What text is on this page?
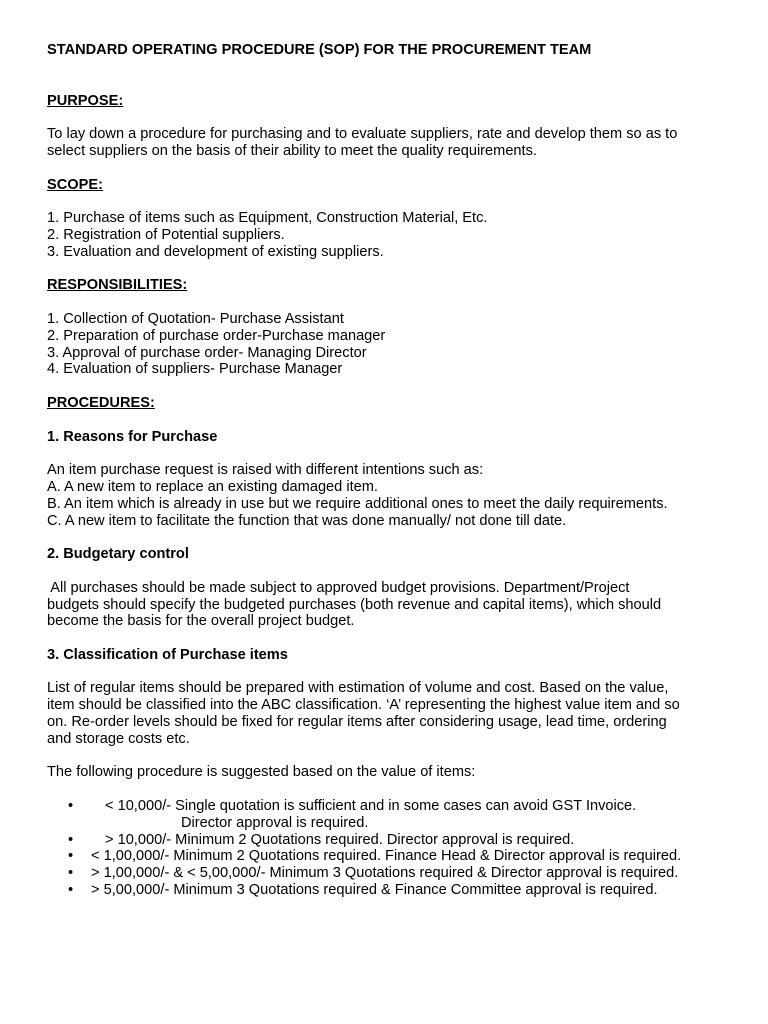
STANDARD OPERATING PROCEDURE (SOP) FOR THE PROCUREMENT TEAM

PURPOSE:

To lay down a procedure for purchasing and to evaluate suppliers, rate and develop them so as to

select suppliers on the basis of their ability to meet the quality requirements.

SCOPE:

1. Purchase of items such as Equipment, Construction Material, Etc.

2. Registration of Potential suppliers.

3. Evaluation and development of existing suppliers.

RESPONSIBILITIES:

1. Collection of Quotation- Purchase Assistant

2. Preparation of purchase order-Purchase manager

3. Approval of purchase order- Managing Director

4. Evaluation of suppliers- Purchase Manager

PROCEDURES:

1. Reasons for Purchase

An item purchase request is raised with different intentions such as:

A. A new item to replace an existing damaged item.

B. An item which is already in use but we require additional ones to meet the daily requirements.

C. A new item to facilitate the function that was done manually/ not done till date.

2. Budgetary control

All purchases should be made subject to approved budget provisions. Department/Project

budgets should specify the budgeted purchases (both revenue and capital items), which should

become the basis for the overall project budget.

3. Classification of Purchase items

List of regular items should be prepared with estimation of volume and cost. Based on the value,

item should be classified into the ABC classification. ‘A’ representing the highest value item and so

on. Re-order levels should be fixed for regular items after considering usage, lead time, ordering

and storage costs etc.

The following procedure is suggested based on the value of items:

•	< 10,000/- Single quotation is sufficient and in some cases can avoid GST Invoice.
Director approval is required.
•	> 10,000/- Minimum 2 Quotations required. Director approval is required.
•	< 1,00,000/- Minimum 2 Quotations required. Finance Head & Director approval is required.
•	> 1,00,000/- & < 5,00,000/- Minimum 3 Quotations required & Director approval is required.
•	> 5,00,000/- Minimum 3 Quotations required & Finance Committee approval is required.
